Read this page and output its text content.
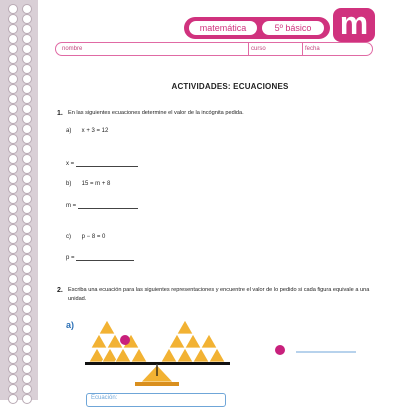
matemática	5º básico m
nombre	curso	fecha
ACTIVIDADES: ECUACIONES
1. En las siguientes ecuaciones determine el valor de la incógnita pedida.
a) x + 3 = 12
x =
b) 15 = m + 8
m =
c) p − 8 = 0
p =
2. Escriba una ecuación para las siguientes representaciones y encuentre el valor de lo pedido si cada figura equivale a una unidad.
a)
Ecuación:
